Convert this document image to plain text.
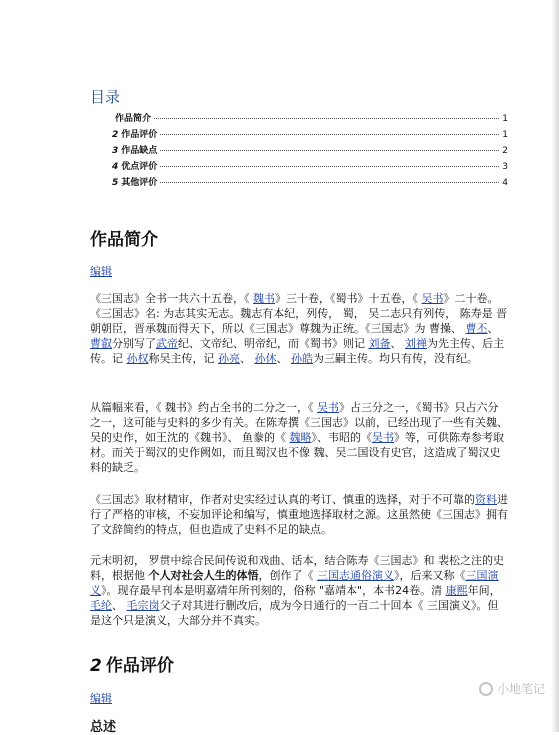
目录
作品简介	1
2 作品评价	1
3 作品缺点	2
4 优点评价	3
5 其他评价	4
作品简介
编辑

《三国志》全书一共六十五卷，《 魏书》三十卷，《蜀书》十五卷，《 吴书》二十卷。《三国志》名: 为志其实无志。魏志有本纪，列传， 蜀， 吴二志只有列传， 陈寿是 晋朝朝臣，晋承魏而得天下，所以《三国志》尊魏为正统。《三国志》为 曹操、 曹丕、 曹叡分别写了武帝纪、文帝纪、明帝纪，而《蜀书》则记 刘备、 刘禅为先主传、后主传。记 孙权称吴主传，记 孙亮、 孙休、 孙皓为三嗣主传。均只有传，没有纪。

从篇幅来看，《 魏书》约占全书的二分之一，《 吴书》占三分之一，《蜀书》只占六分之一，这可能与史料的多少有关。在陈寿撰《三国志》以前，已经出现了一些有关魏、吴的史作，如王沈的《魏书》、 鱼豢的《 魏略》、韦昭的《吴书》等，可供陈寿参考取材。而关于蜀汉的史作阙如，而且蜀汉也不像 魏、吴二国设有史官，这造成了蜀汉史料的缺乏。

《三国志》取材精审，作者对史实经过认真的考订、慎重的选择，对于不可靠的资料进行了严格的审核，不妄加评论和编写，慎重地选择取材之源。这虽然使《三国志》拥有了文辞简约的特点，但也造成了史料不足的缺点。

元末明初， 罗贯中综合民间传说和戏曲、话本，结合陈寿《三国志》和 裴松之注的史料，根据他 个人对社会人生的体悟，创作了《 三国志通俗演义》，后来又称《三国演义》。现存最早刊本是明嘉靖年所刊刻的，俗称 "嘉靖本"，本书24卷。清 康熙年间， 毛纶、 毛宗岗父子对其进行删改后，成为今日通行的一百二十回本《 三国演义》。但是这个只是演义，大部分并不真实。

2 作品评价
编辑
总述
小地笔记
